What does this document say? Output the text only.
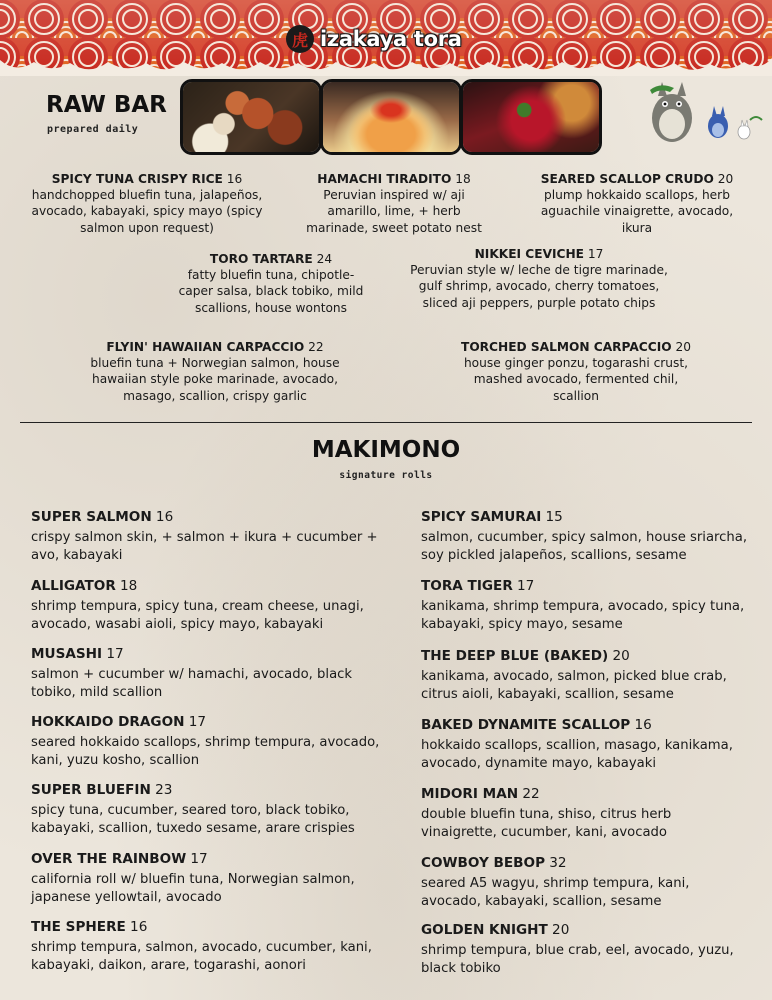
虎 izakaya tora
RAW BAR
prepared daily
SPICY TUNA CRISPY RICE 16
handchopped bluefin tuna, jalapeños, avocado, kabayaki, spicy mayo (spicy salmon upon request)
HAMACHI TIRADITO 18
Peruvian inspired w/ aji amarillo, lime, + herb marinade, sweet potato nest
SEARED SCALLOP CRUDO 20
plump hokkaido scallops, herb aguachile vinaigrette, avocado, ikura
TORO TARTARE 24
fatty bluefin tuna, chipotle-caper salsa, black tobiko, mild scallions, house wontons
NIKKEI CEVICHE 17
Peruvian style w/ leche de tigre marinade, gulf shrimp, avocado, cherry tomatoes, sliced aji peppers, purple potato chips
FLYIN' HAWAIIAN CARPACCIO 22
bluefin tuna + Norwegian salmon, house hawaiian style poke marinade, avocado, masago, scallion, crispy garlic
TORCHED SALMON CARPACCIO 20
house ginger ponzu, togarashi crust, mashed avocado, fermented chil, scallion
MAKIMONO
signature rolls
SUPER SALMON 16
crispy salmon skin, + salmon + ikura + cucumber + avo, kabayaki
ALLIGATOR 18
shrimp tempura, spicy tuna, cream cheese, unagi, avocado, wasabi aioli, spicy mayo, kabayaki
MUSASHI 17
salmon + cucumber w/ hamachi, avocado, black tobiko, mild scallion
HOKKAIDO DRAGON 17
seared hokkaido scallops, shrimp tempura, avocado, kani, yuzu kosho, scallion
SUPER BLUEFIN 23
spicy tuna, cucumber, seared toro, black tobiko, kabayaki, scallion, tuxedo sesame, arare crispies
OVER THE RAINBOW 17
california roll w/ bluefin tuna, Norwegian salmon, japanese yellowtail, avocado
THE SPHERE 16
shrimp tempura, salmon, avocado, cucumber, kani, kabayaki, daikon, arare, togarashi, aonori
SPICY SAMURAI 15
salmon, cucumber, spicy salmon, house sriarcha, soy pickled jalapeños, scallions, sesame
TORA TIGER 17
kanikama, shrimp tempura, avocado, spicy tuna, kabayaki, spicy mayo, sesame
THE DEEP BLUE (BAKED) 20
kanikama, avocado, salmon, picked blue crab, citrus aioli, kabayaki, scallion, sesame
BAKED DYNAMITE SCALLOP 16
hokkaido scallops, scallion, masago, kanikama, avocado, dynamite mayo, kabayaki
MIDORI MAN 22
double bluefin tuna, shiso, citrus herb vinaigrette, cucumber, kani, avocado
COWBOY BEBOP 32
seared A5 wagyu, shrimp tempura, kani, avocado, kabayaki, scallion, sesame
GOLDEN KNIGHT 20
shrimp tempura, blue crab, eel, avocado, yuzu, black tobiko
